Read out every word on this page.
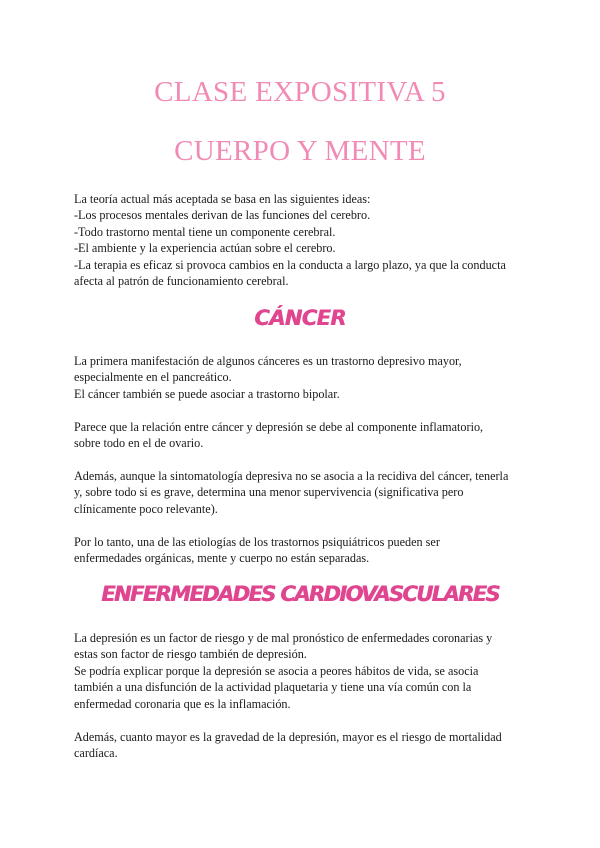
CLASE EXPOSITIVA 5
CUERPO Y MENTE
La teoría actual más aceptada se basa en las siguientes ideas:
-Los procesos mentales derivan de las funciones del cerebro.
-Todo trastorno mental tiene un componente cerebral.
-El ambiente y la experiencia actúan sobre el cerebro.
-La terapia es eficaz si provoca cambios en la conducta a largo plazo, ya que la conducta
afecta al patrón de funcionamiento cerebral.
CÁNCER
La primera manifestación de algunos cánceres es un trastorno depresivo mayor,
especialmente en el pancreático.
El cáncer también se puede asociar a trastorno bipolar.
Parece que la relación entre cáncer y depresión se debe al componente inflamatorio,
sobre todo en el de ovario.
Además, aunque la sintomatología depresiva no se asocia a la recidiva del cáncer, tenerla
y, sobre todo si es grave, determina una menor supervivencia (significativa pero
clínicamente poco relevante).
Por lo tanto, una de las etiologías de los trastornos psiquiátricos pueden ser
enfermedades orgánicas, mente y cuerpo no están separadas.
ENFERMEDADES CARDIOVASCULARES
La depresión es un factor de riesgo y de mal pronóstico de enfermedades coronarias y
estas son factor de riesgo también de depresión.
Se podría explicar porque la depresión se asocia a peores hábitos de vida, se asocia
también a una disfunción de la actividad plaquetaria y tiene una vía común con la
enfermedad coronaria que es la inflamación.
Además, cuanto mayor es la gravedad de la depresión, mayor es el riesgo de mortalidad
cardíaca.
